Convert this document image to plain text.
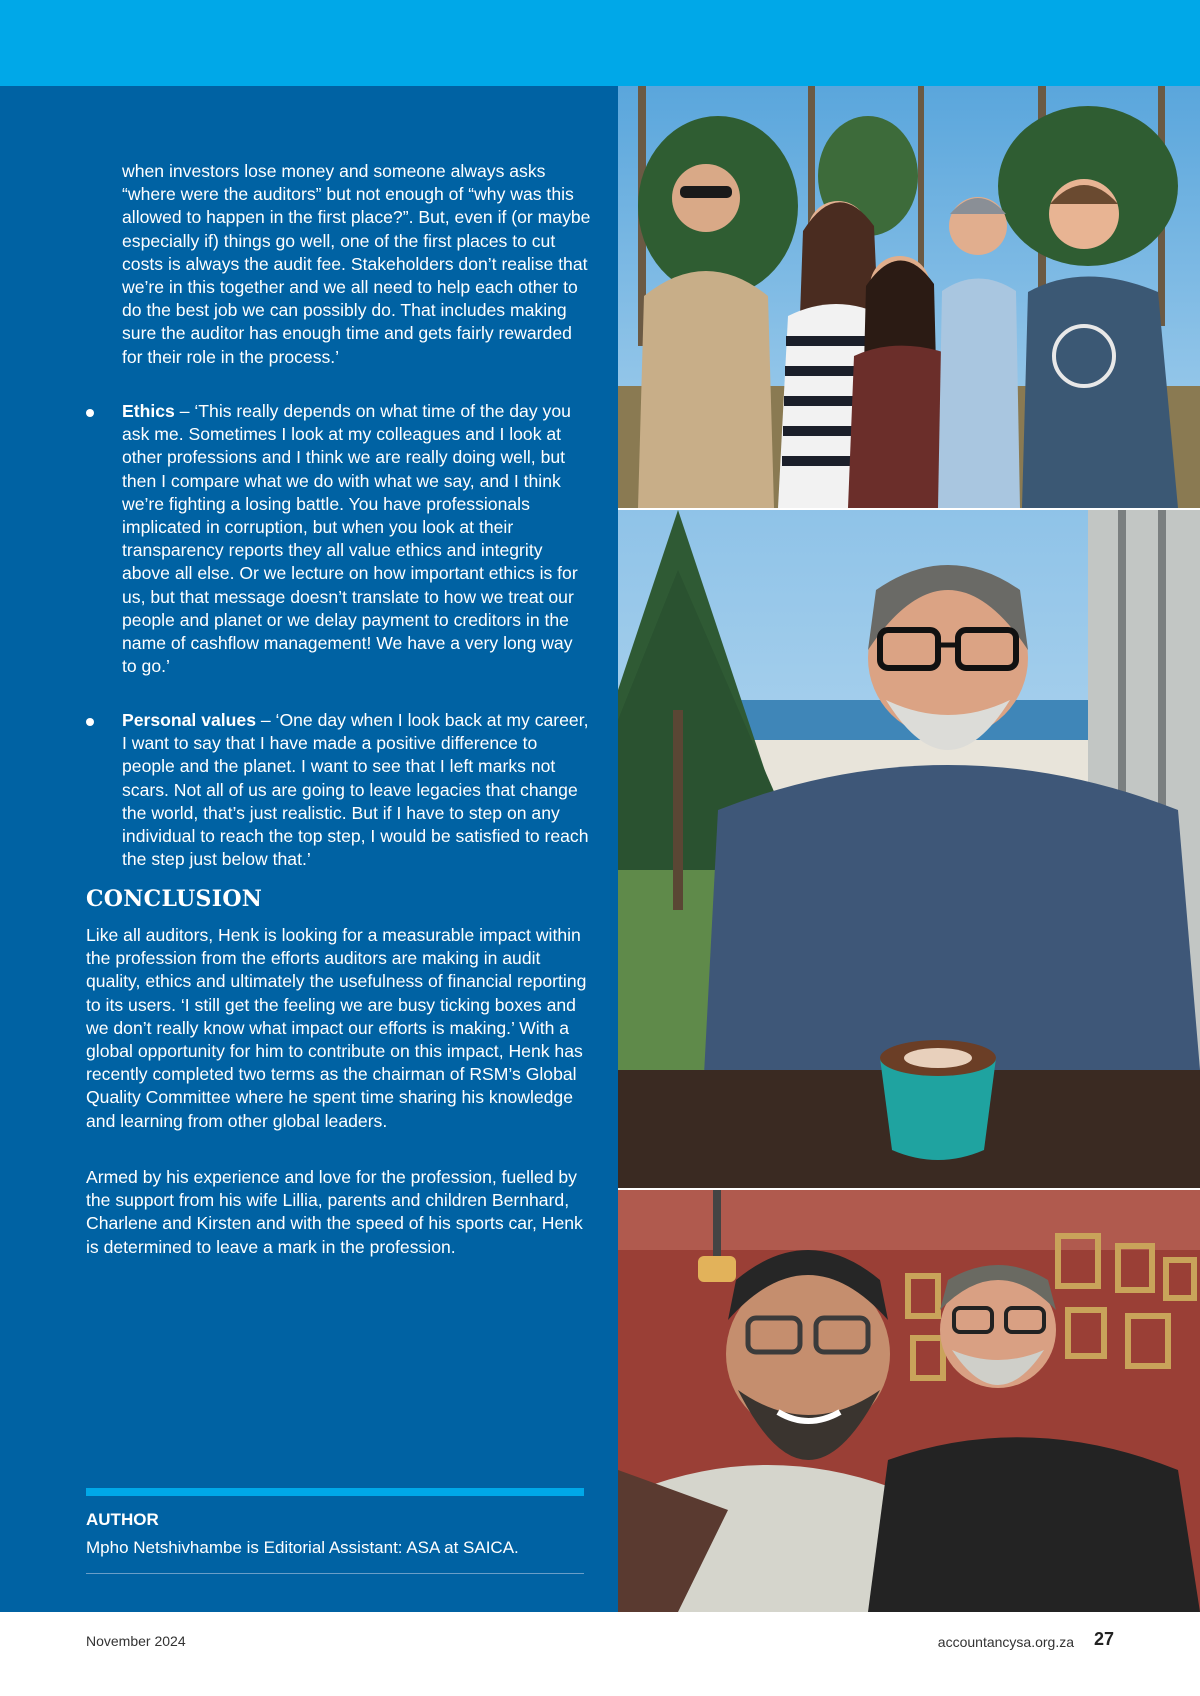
when investors lose money and someone always asks “where were the auditors” but not enough of “why was this allowed to happen in the first place?”. But, even if (or maybe especially if) things go well, one of the first places to cut costs is always the audit fee. Stakeholders don’t realise that we’re in this together and we all need to help each other to do the best job we can possibly do. That includes making sure the auditor has enough time and gets fairly rewarded for their role in the process.’
Ethics – ‘This really depends on what time of the day you ask me. Sometimes I look at my colleagues and I look at other professions and I think we are really doing well, but then I compare what we do with what we say, and I think we’re fighting a losing battle. You have professionals implicated in corruption, but when you look at their transparency reports they all value ethics and integrity above all else. Or we lecture on how important ethics is for us, but that message doesn’t translate to how we treat our people and planet or we delay payment to creditors in the name of cashflow management! We have a very long way to go.’
Personal values – ‘One day when I look back at my career, I want to say that I have made a positive difference to people and the planet. I want to see that I left marks not scars. Not all of us are going to leave legacies that change the world, that’s just realistic. But if I have to step on any individual to reach the top step, I would be satisfied to reach the step just below that.’
CONCLUSION
Like all auditors, Henk is looking for a measurable impact within the profession from the efforts auditors are making in audit quality, ethics and ultimately the usefulness of financial reporting to its users. ‘I still get the feeling we are busy ticking boxes and we don’t really know what impact our efforts is making.’ With a global opportunity for him to contribute on this impact, Henk has recently completed two terms as the chairman of RSM’s Global Quality Committee where he spent time sharing his knowledge and learning from other global leaders.
Armed by his experience and love for the profession, fuelled by the support from his wife Lillia, parents and children Bernhard, Charlene and Kirsten and with the speed of his sports car, Henk is determined to leave a mark in the profession.
AUTHOR
Mpho Netshivhambe is Editorial Assistant: ASA at SAICA.
November 2024	accountancysa.org.za 27
